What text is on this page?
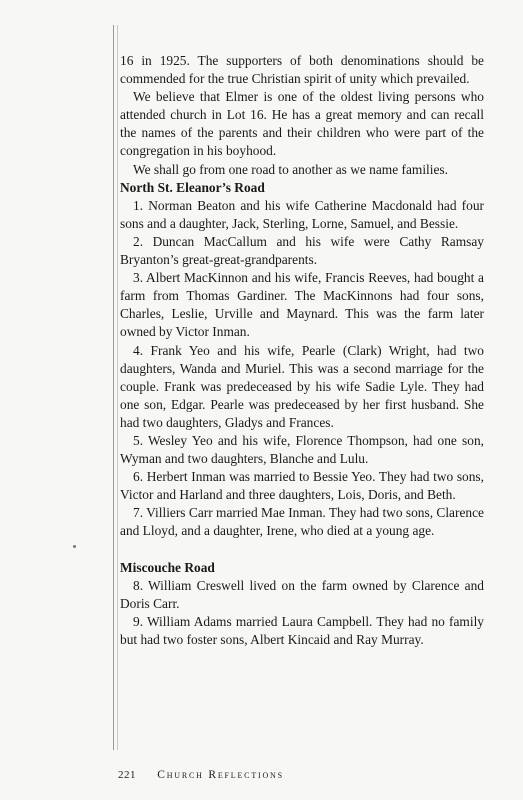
16 in 1925. The supporters of both denominations should be commended for the true Christian spirit of unity which prevailed.

We believe that Elmer is one of the oldest living persons who attended church in Lot 16. He has a great memory and can recall the names of the parents and their children who were part of the congregation in his boyhood.

We shall go from one road to another as we name families.

North St. Eleanor’s Road

1. Norman Beaton and his wife Catherine Macdonald had four sons and a daughter, Jack, Sterling, Lorne, Samuel, and Bessie.

2. Duncan MacCallum and his wife were Cathy Ramsay Bryanton’s great-great-grandparents.

3. Albert MacKinnon and his wife, Francis Reeves, had bought a farm from Thomas Gardiner. The MacKinnons had four sons, Charles, Leslie, Urville and Maynard. This was the farm later owned by Victor Inman.

4. Frank Yeo and his wife, Pearle (Clark) Wright, had two daughters, Wanda and Muriel. This was a second marriage for the couple. Frank was predeceased by his wife Sadie Lyle. They had one son, Edgar. Pearle was predeceased by her first husband. She had two daughters, Gladys and Frances.

5. Wesley Yeo and his wife, Florence Thompson, had one son, Wyman and two daughters, Blanche and Lulu.

6. Herbert Inman was married to Bessie Yeo. They had two sons, Victor and Harland and three daughters, Lois, Doris, and Beth.

7. Villiers Carr married Mae Inman. They had two sons, Clarence and Lloyd, and a daughter, Irene, who died at a young age.

Miscouche Road

8. William Creswell lived on the farm owned by Clarence and Doris Carr.

9. William Adams married Laura Campbell. They had no family but had two foster sons, Albert Kincaid and Ray Murray.

221 Church Reflections
